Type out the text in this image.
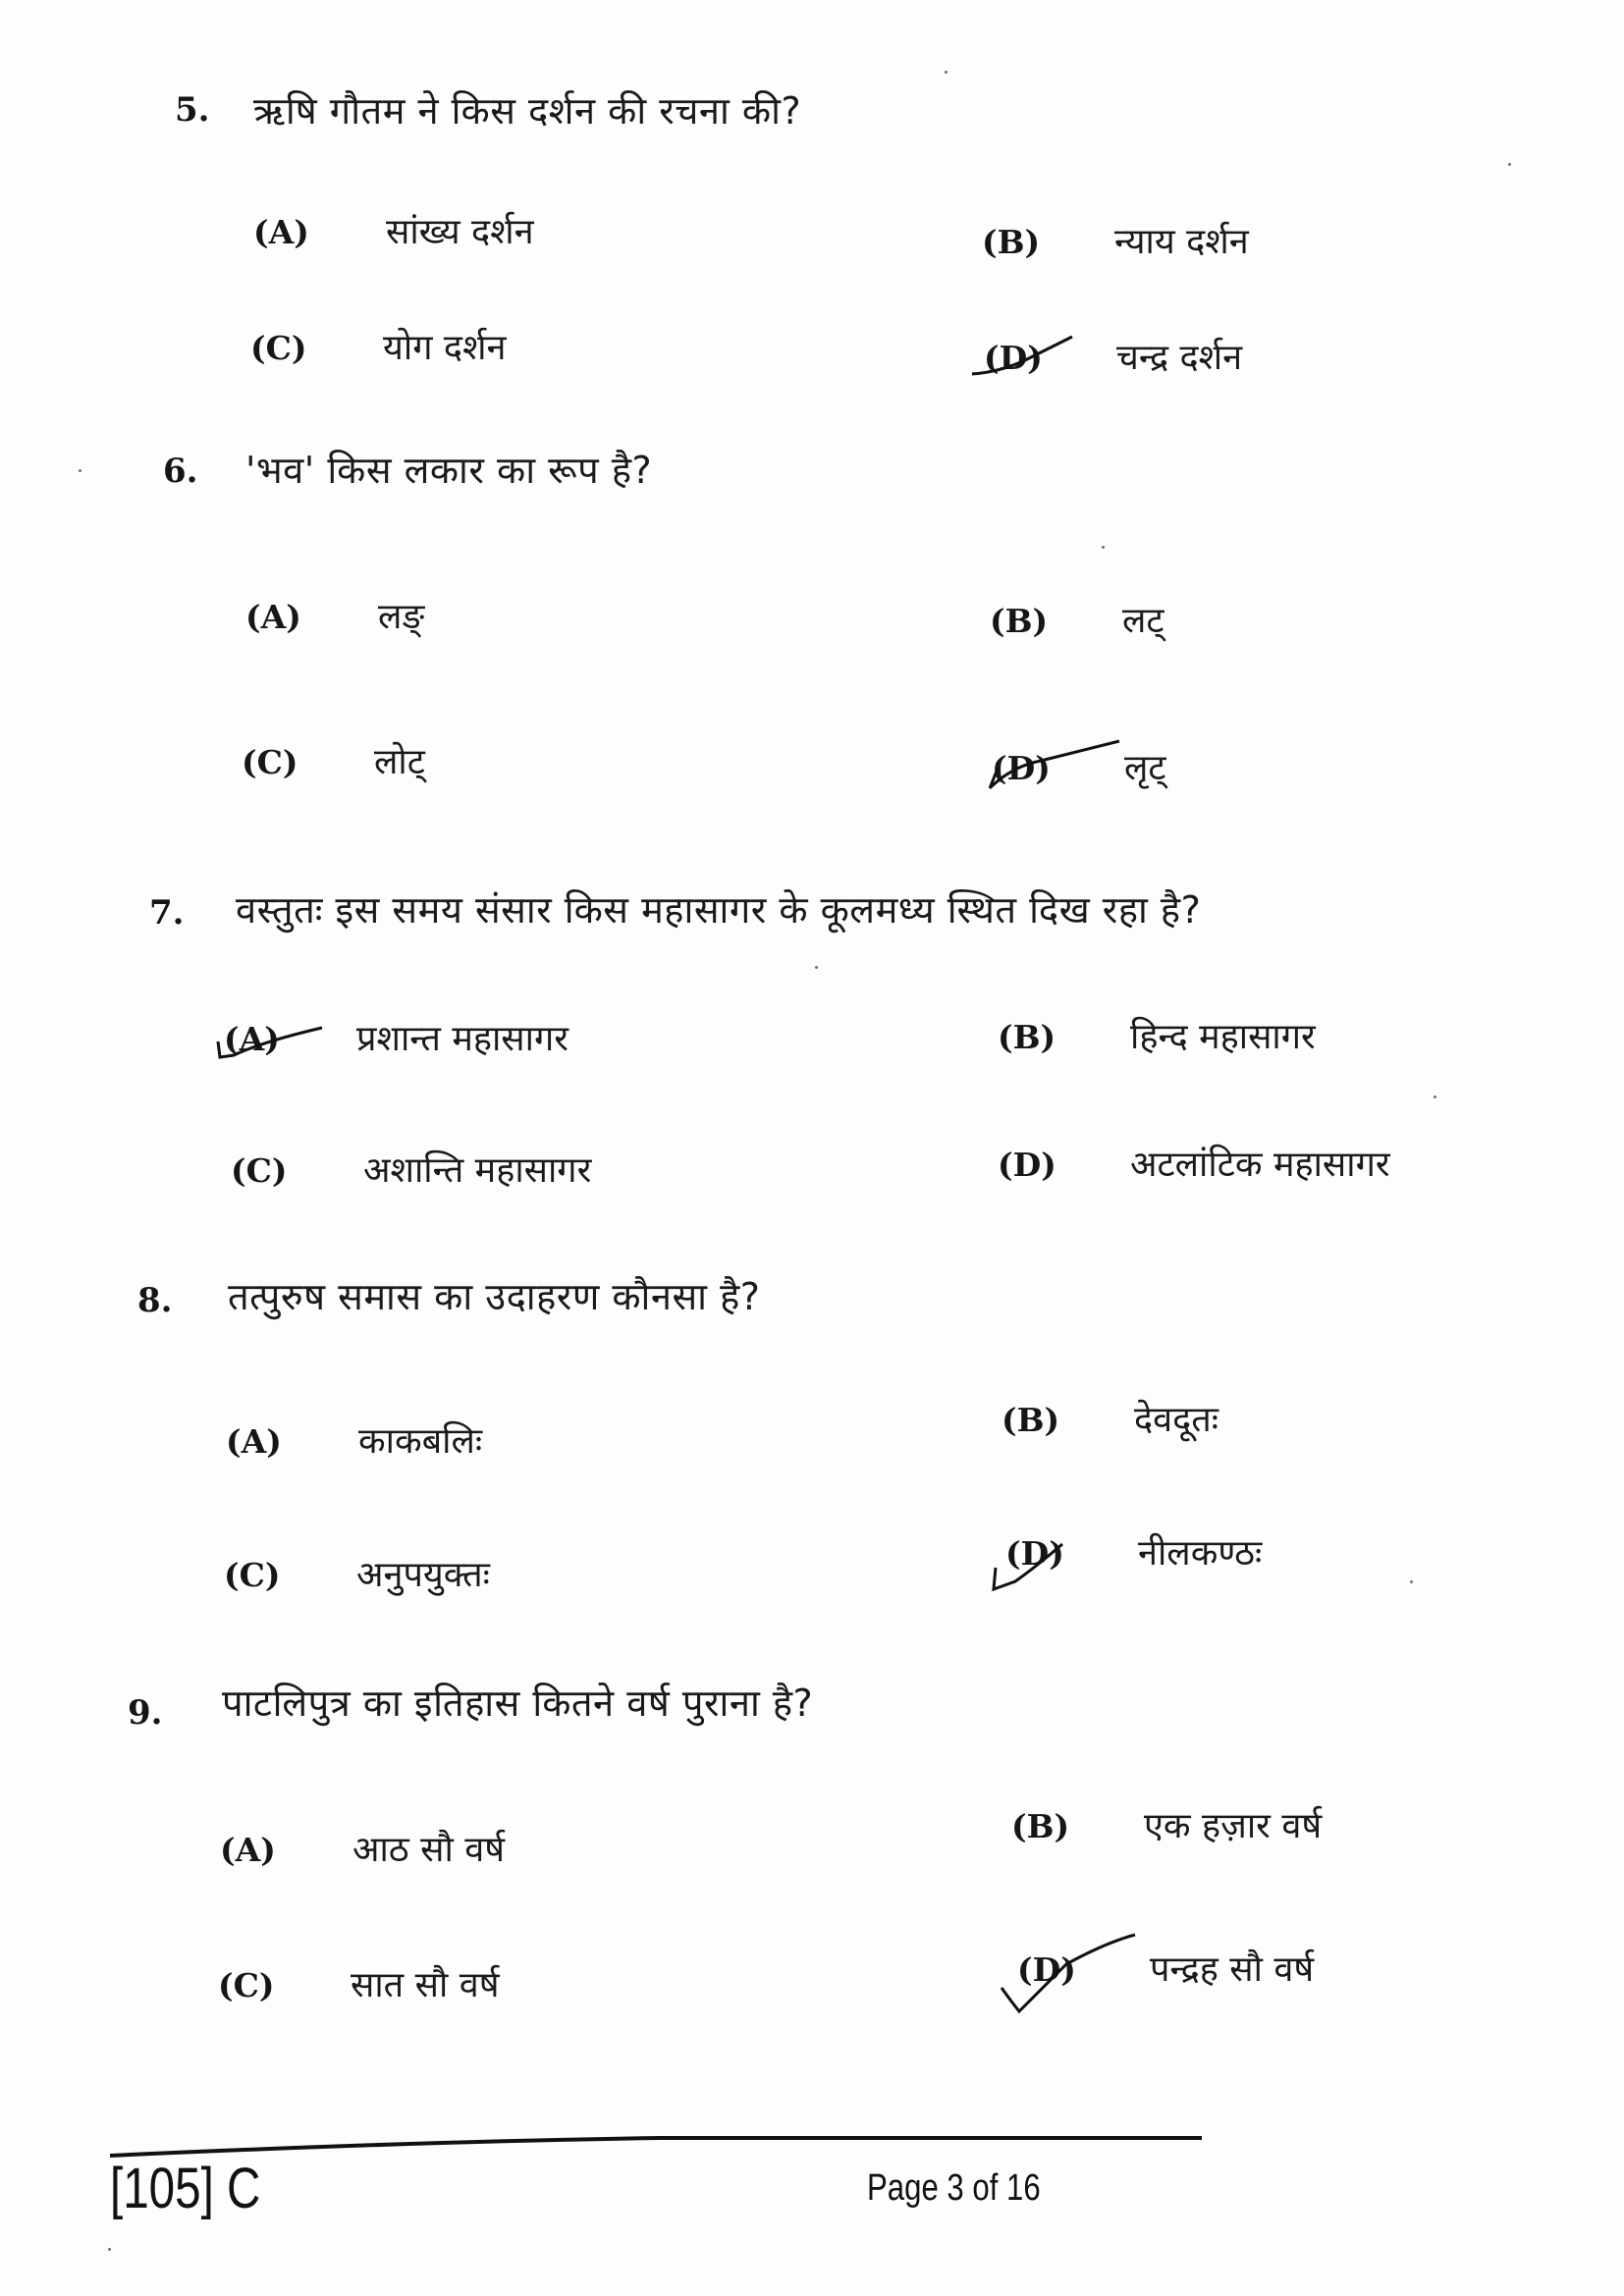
5. ऋषि गौतम ने किस दर्शन की रचना की?
(A)	सांख्य दर्शन	(B)	न्याय दर्शन
(C)	योग दर्शन	(D)	चन्द्र दर्शन
6. 'भव' किस लकार का रूप है?
(A)	लङ्	(B)	लट्
(C)	लोट्	(D)	लृट्
7. वस्तुतः इस समय संसार किस महासागर के कूलमध्य स्थित दिख रहा है?
(A)	प्रशान्त महासागर	(B)	हिन्द महासागर
(C)	अशान्ति महासागर	(D)	अटलांटिक महासागर
8. तत्पुरुष समास का उदाहरण कौनसा है?
(A)	काकबलिः
(B)	देवदूतः
(C)	अनुपयुक्तः
(D)	नीलकण्ठः
9. पाटलिपुत्र का इतिहास कितने वर्ष पुराना है?
(A)	आठ सौ वर्ष
(B)	एक हज़ार वर्ष
(C)	सात सौ वर्ष	(D)	पन्द्रह सौ वर्ष
[105] C	Page 3 of 16
